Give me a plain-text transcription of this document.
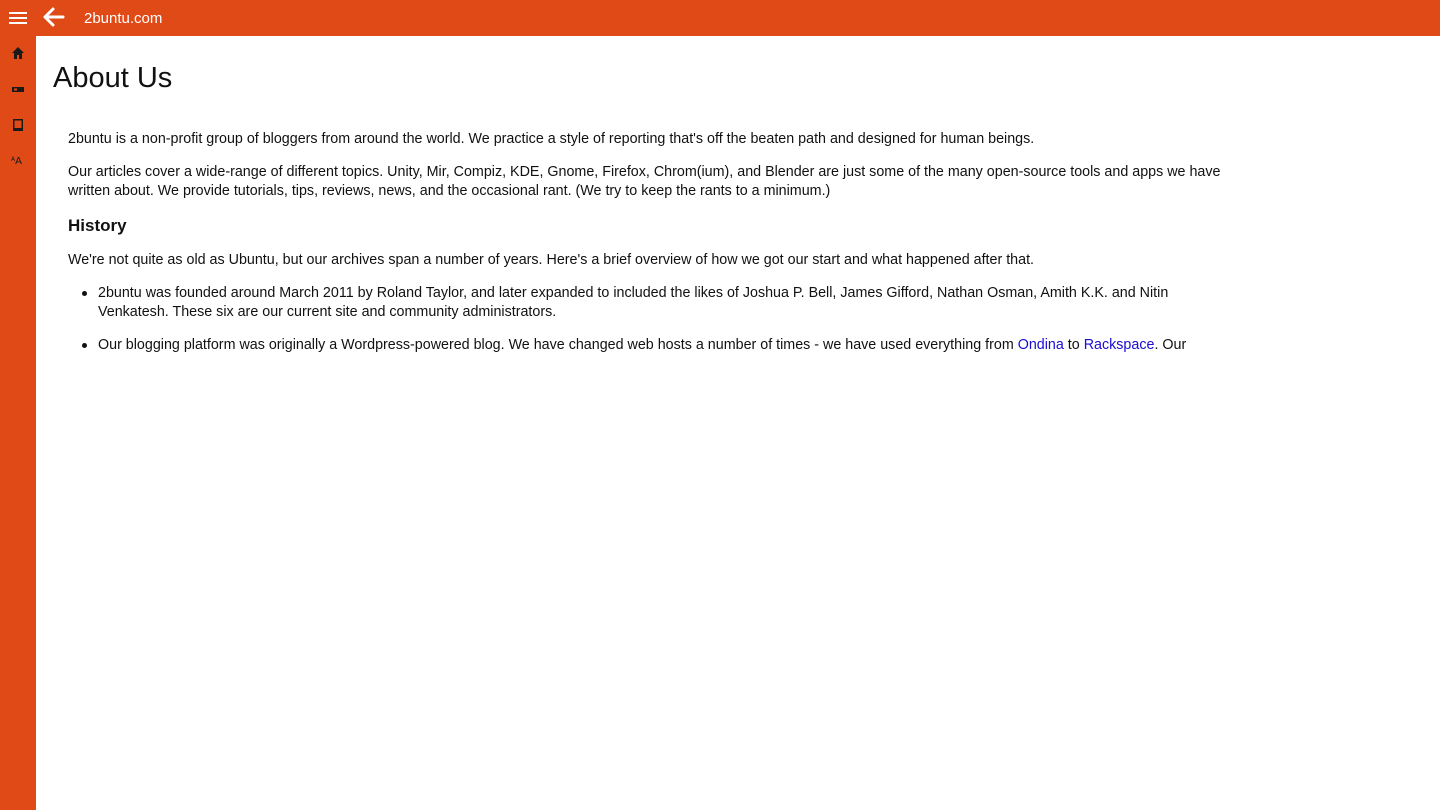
2buntu.com
$^A$A
About Us

2buntu is a non-profit group of bloggers from around the world. We practice a style of reporting that's off the beaten path and designed for human beings.

Our articles cover a wide-range of different topics. Unity, Mir, Compiz, KDE, Gnome, Firefox, Chrom(ium), and Blender are just some of the many open-source tools and apps we have written about. We provide tutorials, tips, reviews, news, and the occasional rant. (We try to keep the rants to a minimum.)

History

We're not quite as old as Ubuntu, but our archives span a number of years. Here's a brief overview of how we got our start and what happened after that.

2buntu was founded around March 2011 by Roland Taylor, and later expanded to included the likes of Joshua P. Bell, James Gifford, Nathan Osman, Amith K.K. and Nitin Venkatesh. These six are our current site and community administrators.
Our blogging platform was originally a Wordpress-powered blog. We have changed web hosts a number of times - we have used everything from Ondina to Rackspace. Our
